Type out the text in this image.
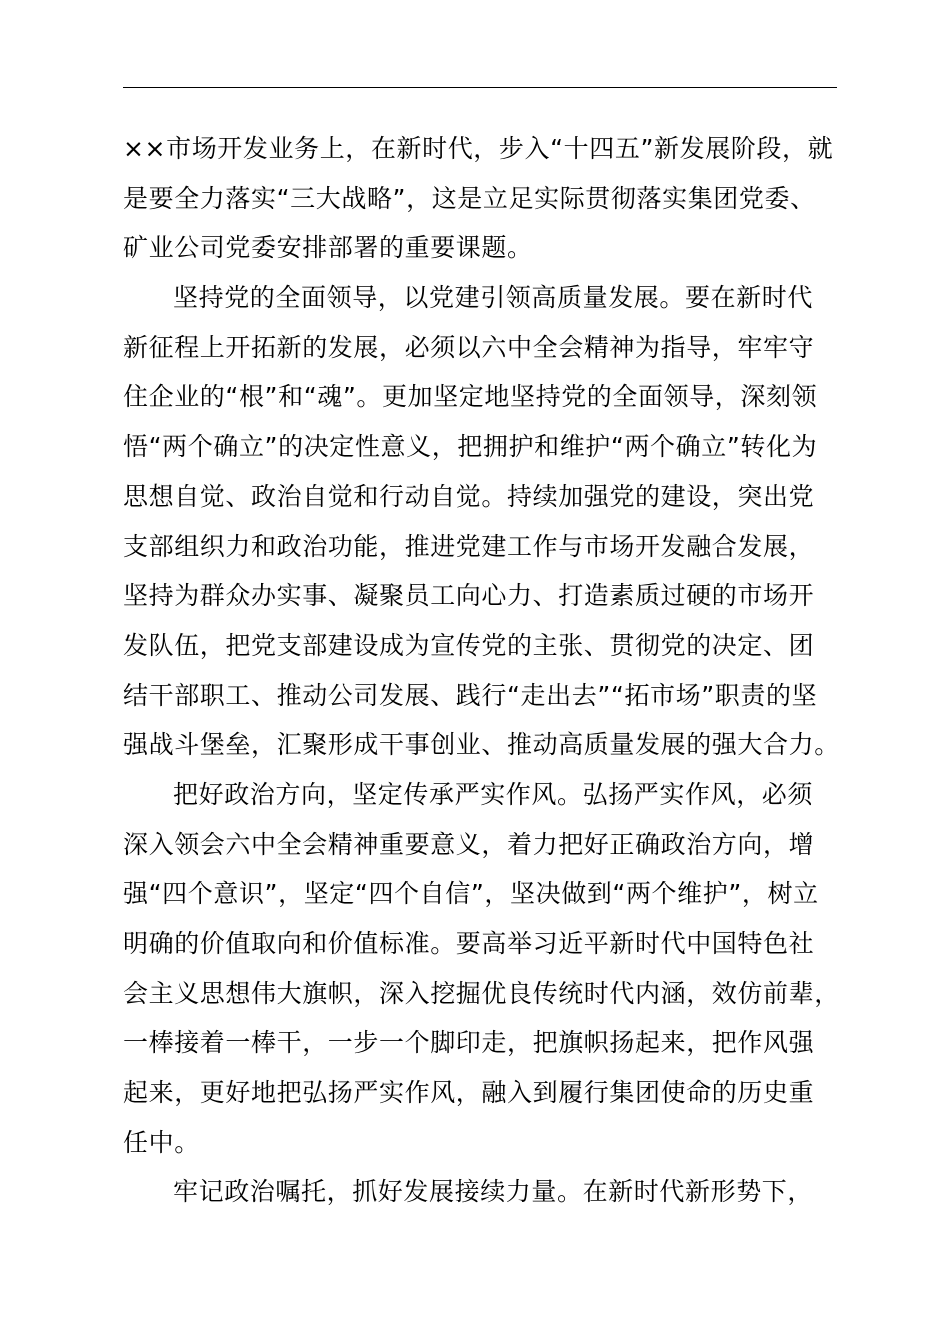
××市场开发业务上，在新时代，步入“十四五”新发展阶段，就
是要全力落实“三大战略”，这是立足实际贯彻落实集团党委、
矿业公司党委安排部署的重要课题。
坚持党的全面领导，以党建引领高质量发展。要在新时代
新征程上开拓新的发展，必须以六中全会精神为指导，牢牢守
住企业的“根”和“魂”。更加坚定地坚持党的全面领导，深刻领
悟“两个确立”的决定性意义，把拥护和维护“两个确立”转化为
思想自觉、政治自觉和行动自觉。持续加强党的建设，突出党
支部组织力和政治功能，推进党建工作与市场开发融合发展，
坚持为群众办实事、凝聚员工向心力、打造素质过硬的市场开
发队伍，把党支部建设成为宣传党的主张、贯彻党的决定、团
结干部职工、推动公司发展、践行“走出去”“拓市场”职责的坚
强战斗堡垒，汇聚形成干事创业、推动高质量发展的强大合力。
把好政治方向，坚定传承严实作风。弘扬严实作风，必须
深入领会六中全会精神重要意义，着力把好正确政治方向，增
强“四个意识”，坚定“四个自信”，坚决做到“两个维护”，树立
明确的价值取向和价值标准。要高举习近平新时代中国特色社
会主义思想伟大旗帜，深入挖掘优良传统时代内涵，效仿前辈，
一棒接着一棒干，一步一个脚印走，把旗帜扬起来，把作风强
起来，更好地把弘扬严实作风，融入到履行集团使命的历史重
任中。
牢记政治嘱托，抓好发展接续力量。在新时代新形势下，
